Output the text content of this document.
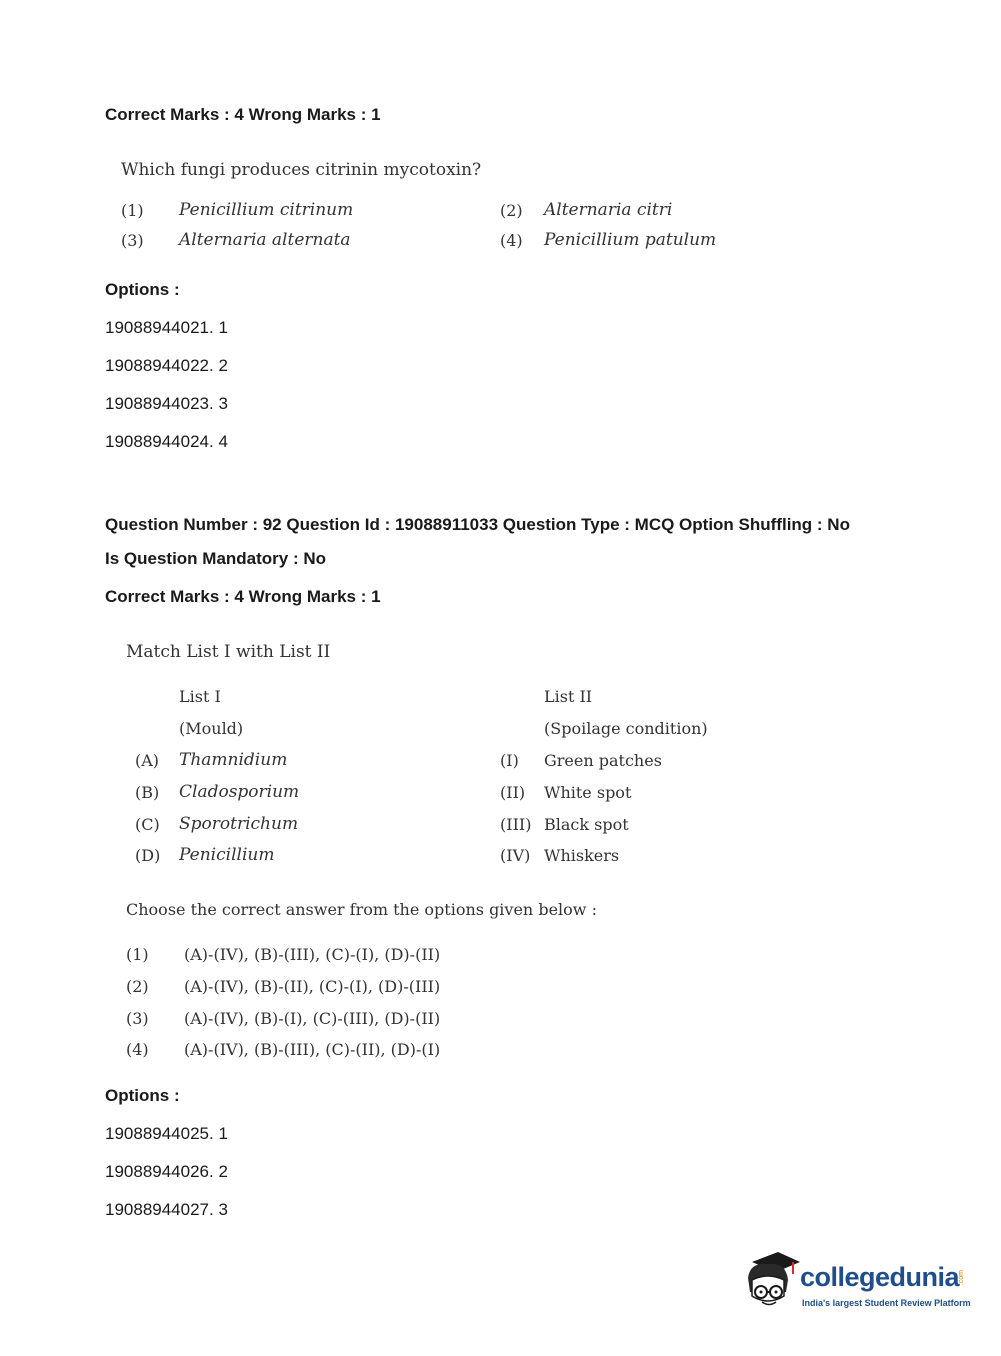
Correct Marks : 4 Wrong Marks : 1
Which fungi produces citrinin mycotoxin?
(1) Penicillium citrinum	(2) Alternaria citri
(3) Alternaria alternata	(4) Penicillium patulum
Options :
19088944021. 1
19088944022. 2
19088944023. 3
19088944024. 4
Question Number : 92 Question Id : 19088911033 Question Type : MCQ Option Shuffling : No
Is Question Mandatory : No
Correct Marks : 4 Wrong Marks : 1
Match List I with List II
List I
(Mould)
List II
(Spoilage condition)
(A) Thamnidium	(I) Green patches
(B) Cladosporium	(II) White spot
(C) Sporotrichum	(III) Black spot
(D) Penicillium	(IV) Whiskers
Choose the correct answer from the options given below :
(1) (A)-(IV), (B)-(III), (C)-(I), (D)-(II)
(2) (A)-(IV), (B)-(II), (C)-(I), (D)-(III)
(3) (A)-(IV), (B)-(I), (C)-(III), (D)-(II)
(4) (A)-(IV), (B)-(III), (C)-(II), (D)-(I)
Options :
19088944025. 1
19088944026. 2
19088944027. 3
collegedunia
.com
India's largest Student Review Platform
